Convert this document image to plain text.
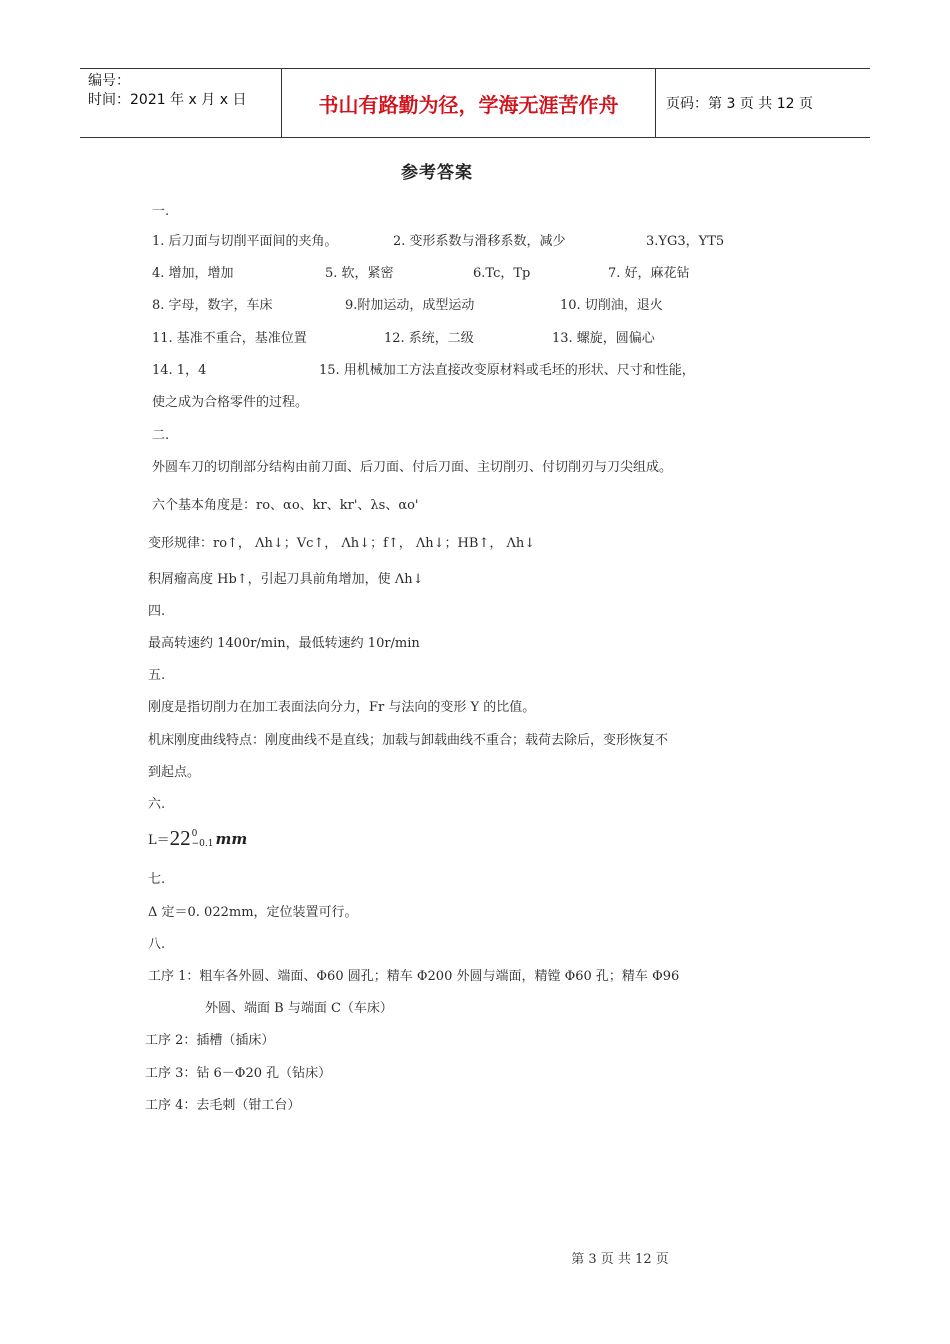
编号：
时间：2021 年 x 月 x 日	书山有路勤为径，学海无涯苦作舟	页码：第 3 页 共 12 页
参考答案
一.
1. 后刀面与切削平面间的夹角。	2. 变形系数与滑移系数，减少	3.YG3，YT5
4. 增加，增加	5. 软，紧密	6.Tc，Tp	7. 好，麻花钻
8. 字母，数字，车床	9.附加运动，成型运动	10. 切削油，退火
11. 基准不重合，基准位置	12. 系统，二级	13. 螺旋，圆偏心
14. 1，4	15. 用机械加工方法直接改变原材料或毛坯的形状、尺寸和性能，
使之成为合格零件的过程。
二.
外圆车刀的切削部分结构由前刀面、后刀面、付后刀面、主切削刃、付切削刃与刀尖组成。
六个基本角度是：ro、αo、kr、kr'、λs、αo'
变形规律：ro↑， Λh↓；Vc↑， Λh↓；f↑， Λh↓；HB↑， Λh↓
积屑瘤高度 Hb↑，引起刀具前角增加，使 Λh↓
四.
最高转速约 1400r/min，最低转速约 10r/min
五.
刚度是指切削力在加工表面法向分力，Fr 与法向的变形 Y 的比值。
机床刚度曲线特点：刚度曲线不是直线；加载与卸载曲线不重合；载荷去除后，变形恢复不
到起点。
六.
L＝22 0
−0.1 mm
七.
Δ 定＝0. 022mm，定位装置可行。
八.
工序 1：粗车各外圆、端面、Φ60 圆孔；精车 Φ200 外圆与端面，精镗 Φ60 孔；精车 Φ96
外圆、端面 B 与端面 C（车床）
工序 2：插槽（插床）
工序 3：钻 6－Φ20 孔（钻床）
工序 4：去毛刺（钳工台）
第 3 页 共 12 页
